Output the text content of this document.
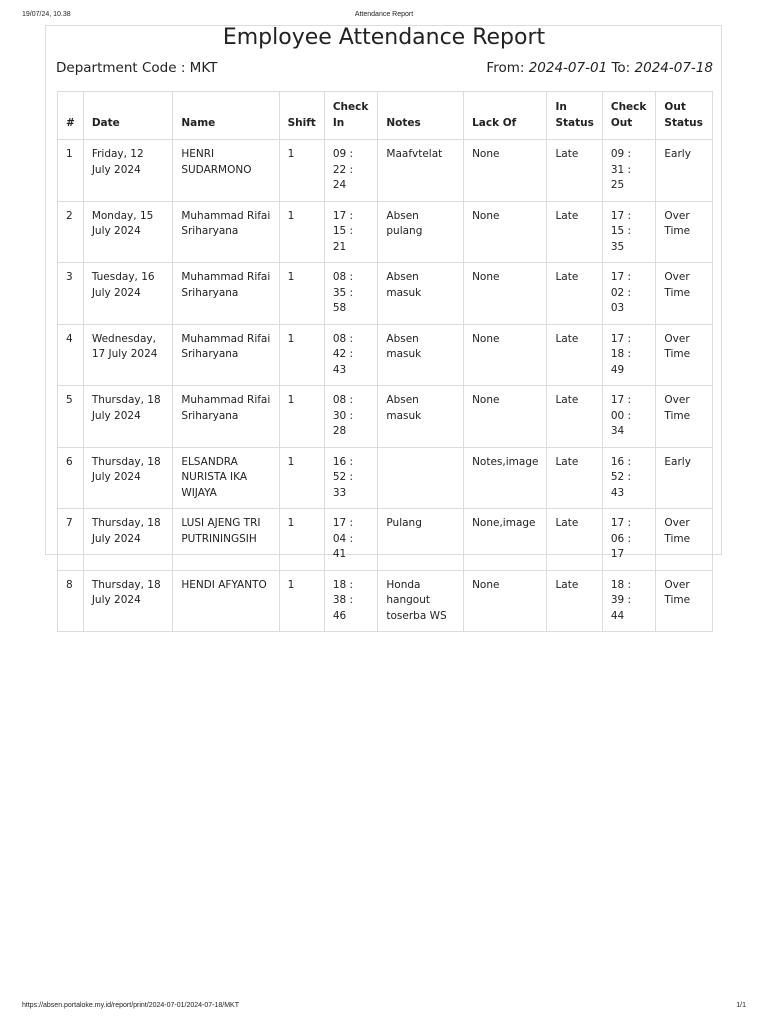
19/07/24, 10.38	Attendance Report
Employee Attendance Report
Department Code : MKT	From: 2024-07-01 To: 2024-07-18
#	Date	Name	Shift	Check In	Notes	Lack Of	In Status	Check Out	Out Status
1	Friday, 12 July 2024	HENRI SUDARMONO	1	09 : 22 : 24	Maafvtelat	None	Late	09 : 31 : 25	Early
2	Monday, 15 July 2024	Muhammad Rifai Sriharyana	1	17 : 15 : 21	Absen pulang	None	Late	17 : 15 : 35	Over Time
3	Tuesday, 16 July 2024	Muhammad Rifai Sriharyana	1	08 : 35 : 58	Absen masuk	None	Late	17 : 02 : 03	Over Time
4	Wednesday, 17 July 2024	Muhammad Rifai Sriharyana	1	08 : 42 : 43	Absen masuk	None	Late	17 : 18 : 49	Over Time
5	Thursday, 18 July 2024	Muhammad Rifai Sriharyana	1	08 : 30 : 28	Absen masuk	None	Late	17 : 00 : 34	Over Time
6	Thursday, 18 July 2024	ELSANDRA NURISTA IKA WIJAYA	1	16 : 52 : 33		Notes,image	Late	16 : 52 : 43	Early
7	Thursday, 18 July 2024	LUSI AJENG TRI PUTRININGSIH	1	17 : 04 : 41	Pulang	None,image	Late	17 : 06 : 17	Over Time
8	Thursday, 18 July 2024	HENDI AFYANTO	1	18 : 38 : 46	Honda hangout toserba WS	None	Late	18 : 39 : 44	Over Time
https://absen.portaloke.my.id/report/print/2024-07-01/2024-07-18/MKT	1/1
